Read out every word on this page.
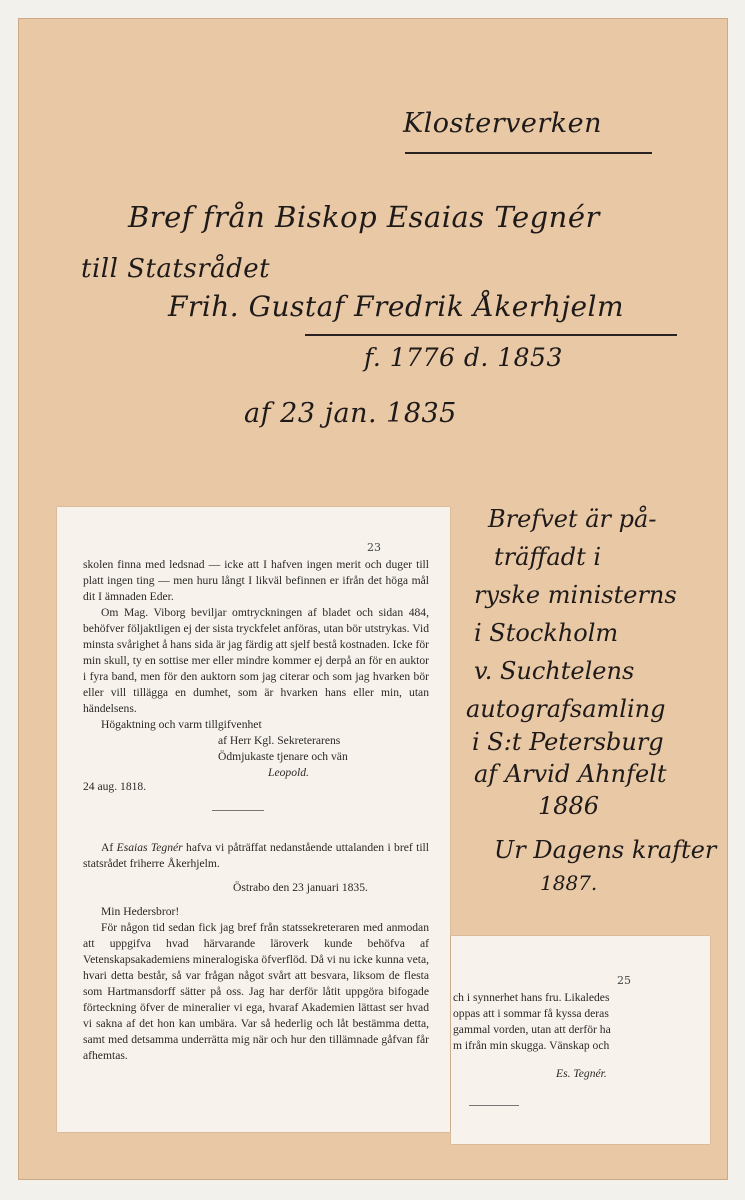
Klosterverken
Bref från Biskop Esaias Tegnér
till Statsrådet
Frih. Gustaf Fredrik Åkerhjelm
f. 1776 d. 1853
af 23 jan. 1835
Brefvet är på-
träffadt i
ryske ministerns
i Stockholm
v. Suchtelens
autografsamling
i S:t Petersburg
af Arvid Ahnfelt
1886
Ur Dagens krafter
1887.
23

skolen finna med ledsnad — icke att I hafven ingen merit och duger till platt ingen ting — men huru långt I likväl befinnen er ifrån det höga mål dit I ämnaden Eder.

Om Mag. Viborg beviljar omtryckningen af bladet och sidan 484, behöfver följaktligen ej der sista tryckfelet anföras, utan bör utstrykas. Vid minsta svårighet å hans sida är jag färdig att sjelf bestå kostnaden. Icke för min skull, ty en sottise mer eller mindre kommer ej derpå an för en auktor i fyra band, men för den auktorn som jag citerar och som jag hvarken bör eller vill tillägga en dumhet, som är hvarken hans eller min, utan händelsens.

Högaktning och varm tillgifvenhet

af Herr Kgl. Sekreterarens

Ödmjukaste tjenare och vän

Leopold.

24 aug. 1818.

Af Esaias Tegnér hafva vi påträffat nedanstående uttalanden i bref till statsrådet friherre Åkerhjelm.

Östrabo den 23 januari 1835.

Min Hedersbror!

För någon tid sedan fick jag bref från statssekreteraren med anmodan att uppgifva hvad härvarande läroverk kunde behöfva af Vetenskapsakademiens mineralogiska öfverflöd. Då vi nu icke kunna veta, hvari detta består, så var frågan något svårt att besvara, liksom de flesta som Hartmansdorff sätter på oss. Jag har derför låtit uppgöra bifogade förteckning öfver de mineralier vi ega, hvaraf Akademien lättast ser hvad vi sakna af det hon kan umbära. Var så hederlig och låt bestämma detta, samt med detsamma underrätta mig när och hur den tillämnade gåfvan får afhemtas.

25

ch i synnerhet hans fru. Likaledes

oppas att i sommar få kyssa deras

gammal vorden, utan att derför ha

m ifrån min skugga. Vänskap och

Es. Tegnér.
